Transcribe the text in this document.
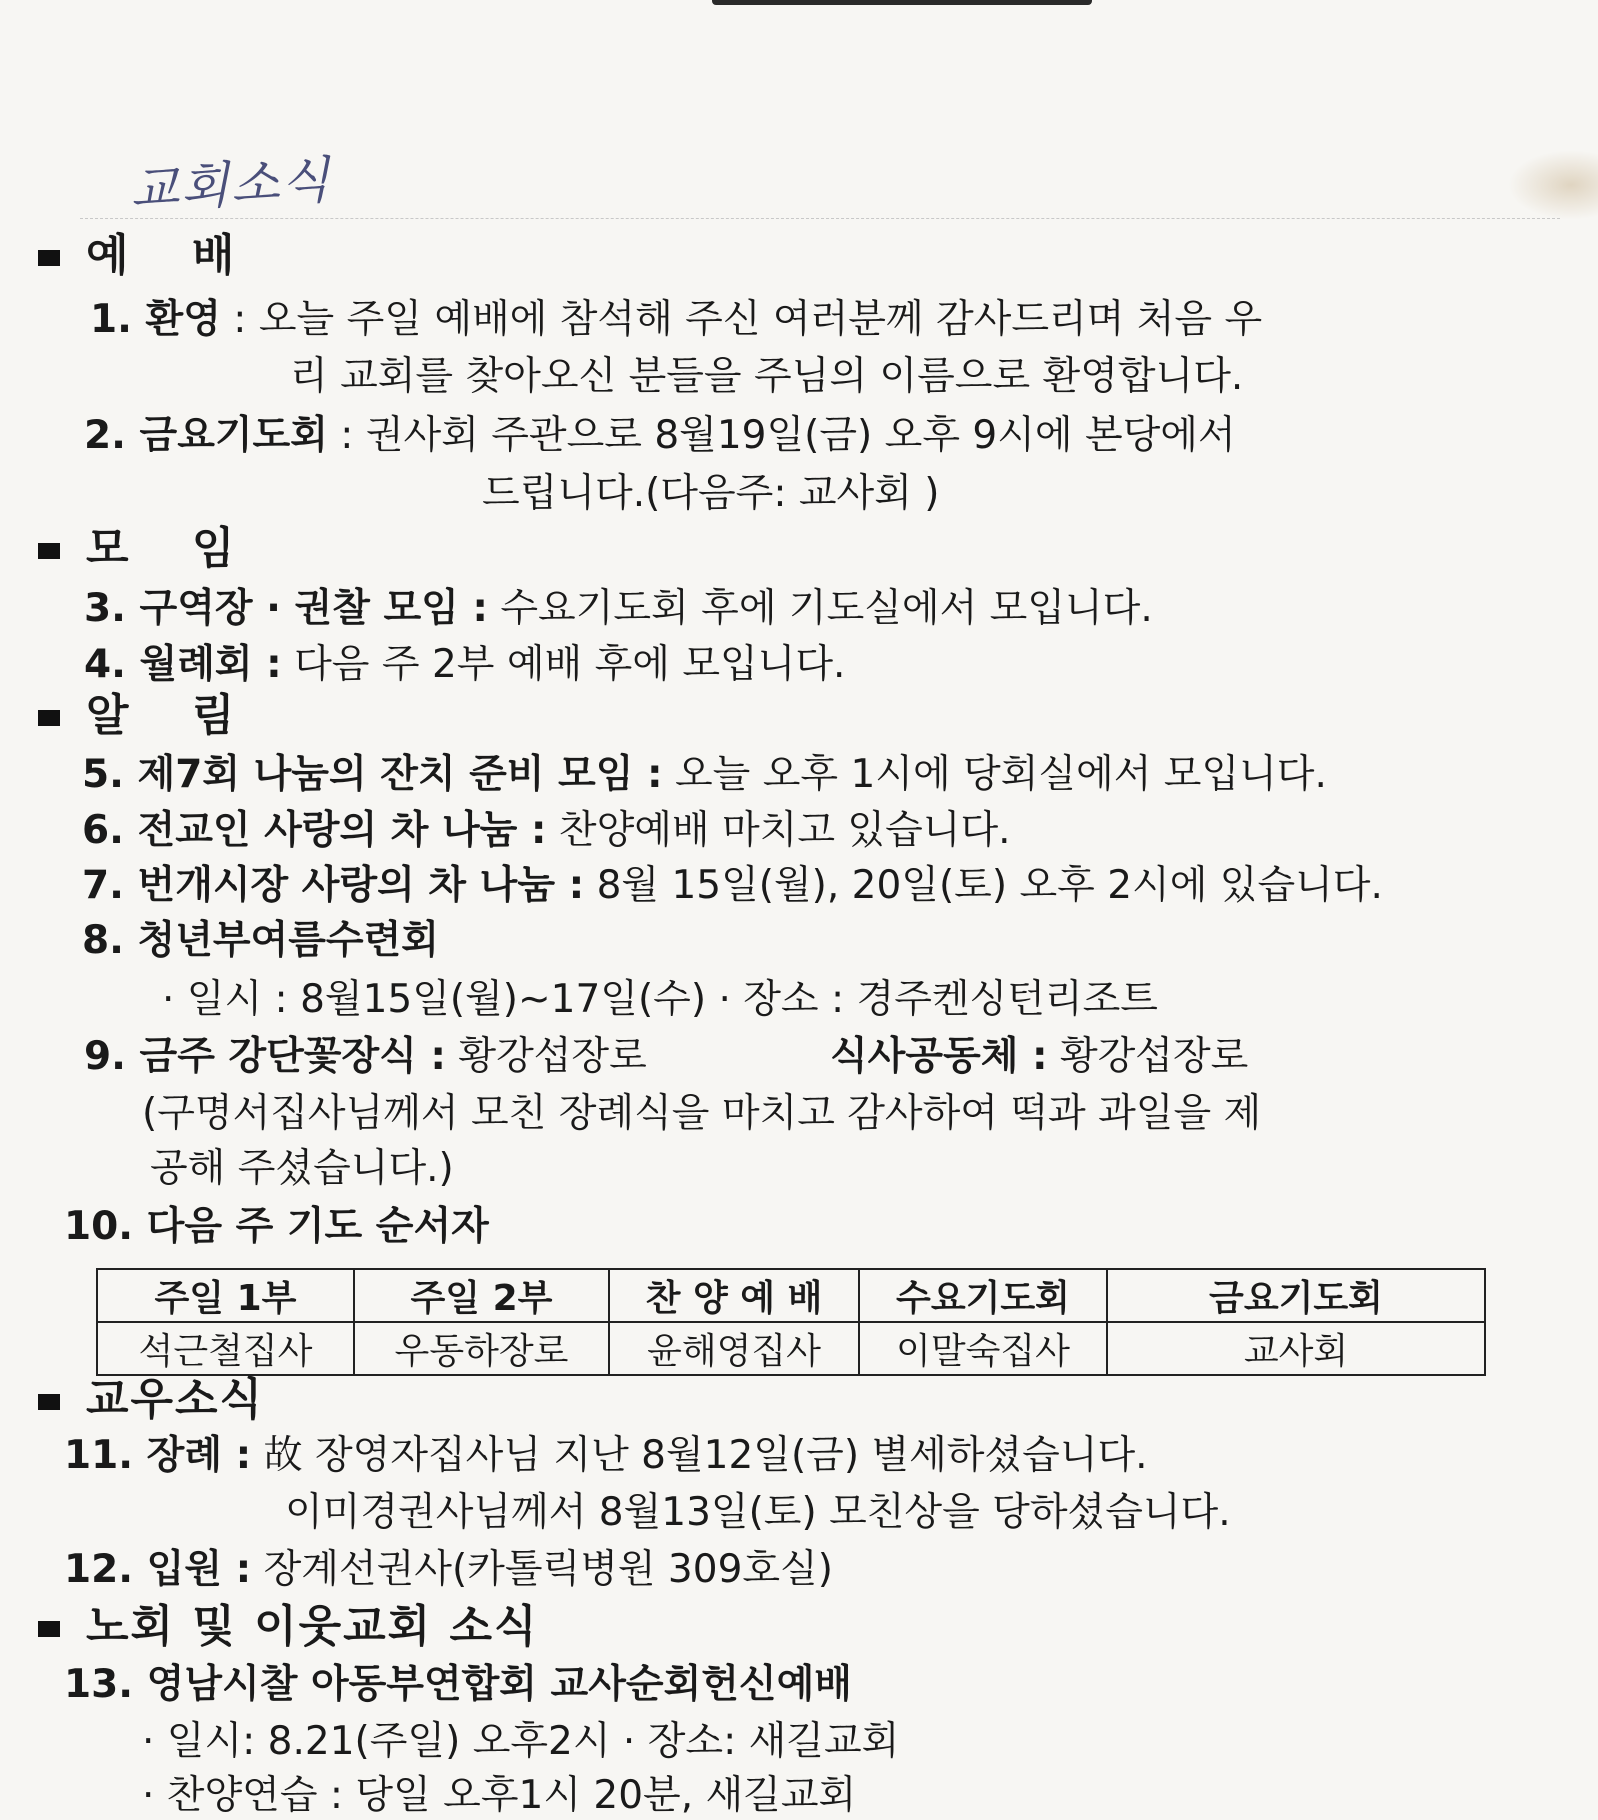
교회소식
예 배
1. 환영 : 오늘 주일 예배에 참석해 주신 여러분께 감사드리며 처음 우
리 교회를 찾아오신 분들을 주님의 이름으로 환영합니다.
2. 금요기도회 : 권사회 주관으로 8월19일(금) 오후 9시에 본당에서
드립니다.(다음주: 교사회 )
모 임
3. 구역장 · 권찰 모임 : 수요기도회 후에 기도실에서 모입니다.
4. 월례회 : 다음 주 2부 예배 후에 모입니다.
알 림
5. 제7회 나눔의 잔치 준비 모임 : 오늘 오후 1시에 당회실에서 모입니다.
6. 전교인 사랑의 차 나눔 : 찬양예배 마치고 있습니다.
7. 번개시장 사랑의 차 나눔 : 8월 15일(월), 20일(토) 오후 2시에 있습니다.
8. 청년부여름수련회
· 일시 : 8월15일(월)~17일(수) · 장소 : 경주켄싱턴리조트
9. 금주 강단꽃장식 : 황강섭장로	식사공동체 : 황강섭장로
(구명서집사님께서 모친 장례식을 마치고 감사하여 떡과 과일을 제
공해 주셨습니다.)
10. 다음 주 기도 순서자
주일 1부	주일 2부	찬 양 예 배	수요기도회	금요기도회
석근철집사	우동하장로	윤해영집사	이말숙집사	교사회
교우소식
11. 장례 : 故 장영자집사님 지난 8월12일(금) 별세하셨습니다.
이미경권사님께서 8월13일(토) 모친상을 당하셨습니다.
12. 입원 : 장계선권사(카톨릭병원 309호실)
노회 및 이웃교회 소식
13. 영남시찰 아동부연합회 교사순회헌신예배
· 일시: 8.21(주일) 오후2시 · 장소: 새길교회
· 찬양연습 : 당일 오후1시 20분, 새길교회
